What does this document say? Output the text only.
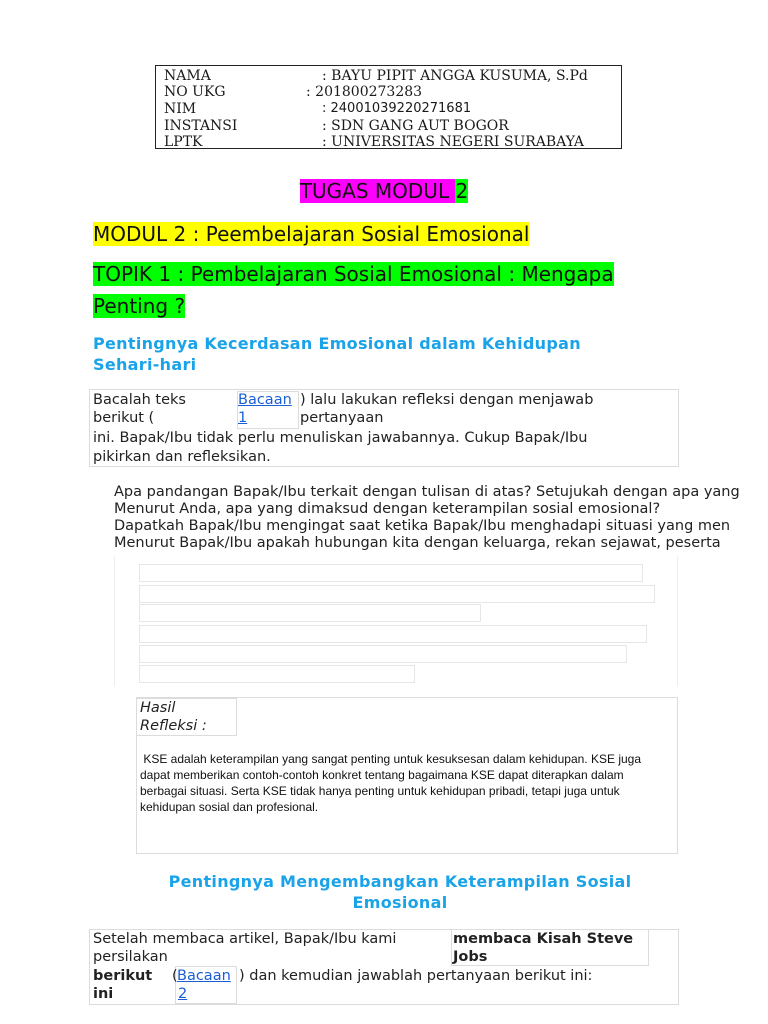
NAMA	: BAYU PIPIT ANGGA KUSUMA, S.Pd
NO UKG	: 201800273283
NIM	: 24001039220271681
INSTANSI	: SDN GANG AUT BOGOR
LPTK	: UNIVERSITAS NEGERI SURABAYA
TUGAS MODUL 2
MODUL 2 : Peembelajaran Sosial Emosional
TOPIK 1 : Pembelajaran Sosial Emosional : Mengapa
Penting ?
Pentingnya Kecerdasan Emosional dalam Kehidupan
Sehari-hari
Bacalah teks
berikut (
Bacaan
1
) lalu lakukan refleksi dengan menjawab
pertanyaan
ini. Bapak/Ibu tidak perlu menuliskan jawabannya. Cukup Bapak/Ibu
pikirkan dan refleksikan.
Apa pandangan Bapak/Ibu terkait dengan tulisan di atas? Setujukah dengan apa yang
Menurut Anda, apa yang dimaksud dengan keterampilan sosial emosional?
Dapatkah Bapak/Ibu mengingat saat ketika Bapak/Ibu menghadapi situasi yang men
Menurut Bapak/Ibu apakah hubungan kita dengan keluarga, rekan sejawat, peserta
Hasil
Refleksi :
KSE adalah keterampilan yang sangat penting untuk kesuksesan dalam kehidupan. KSE juga
dapat memberikan contoh-contoh konkret tentang bagaimana KSE dapat diterapkan dalam
berbagai situasi. Serta KSE tidak hanya penting untuk kehidupan pribadi, tetapi juga untuk
kehidupan sosial dan profesional.
Pentingnya Mengembangkan Keterampilan Sosial
Emosional
Setelah membaca artikel, Bapak/Ibu kami
persilakan
membaca Kisah Steve
Jobs
berikut
ini
( Bacaan
2
) dan kemudian jawablah pertanyaan berikut ini:
